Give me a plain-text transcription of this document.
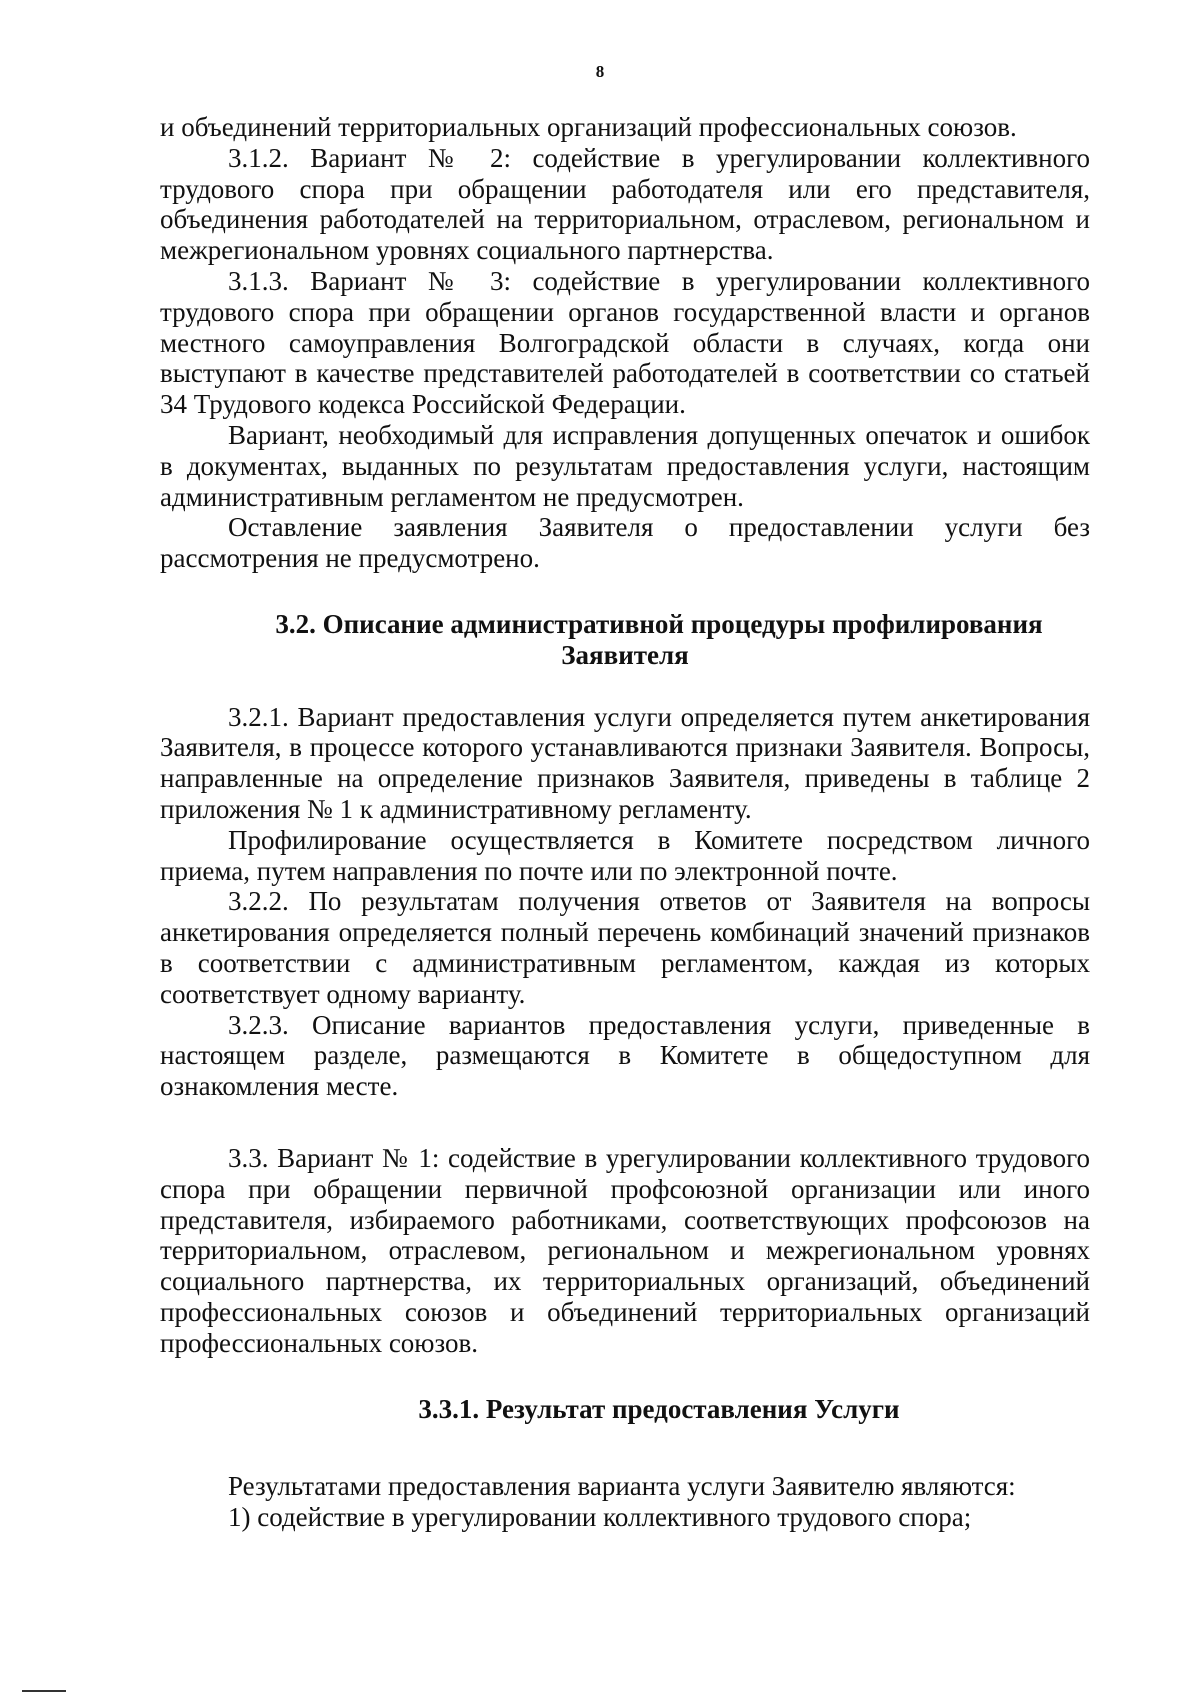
8

и объединений территориальных организаций профессиональных союзов.

3.1.2. Вариант № 2: содействие в урегулировании коллективного трудового спора при обращении работодателя или его представителя, объединения работодателей на территориальном, отраслевом, региональном и межрегиональном уровнях социального партнерства.

3.1.3. Вариант № 3: содействие в урегулировании коллективного трудового спора при обращении органов государственной власти и органов местного самоуправления Волгоградской области в случаях, когда они выступают в качестве представителей работодателей в соответствии со статьей 34 Трудового кодекса Российской Федерации.

Вариант, необходимый для исправления допущенных опечаток и ошибок в документах, выданных по результатам предоставления услуги, настоящим административным регламентом не предусмотрен.

Оставление заявления Заявителя о предоставлении услуги без рассмотрения не предусмотрено.

3.2. Описание административной процедуры профилирования Заявителя

3.2.1. Вариант предоставления услуги определяется путем анкетирования Заявителя, в процессе которого устанавливаются признаки Заявителя. Вопросы, направленные на определение признаков Заявителя, приведены в таблице 2 приложения № 1 к административному регламенту.

Профилирование осуществляется в Комитете посредством личного приема, путем направления по почте или по электронной почте.

3.2.2. По результатам получения ответов от Заявителя на вопросы анкетирования определяется полный перечень комбинаций значений признаков в соответствии с административным регламентом, каждая из которых соответствует одному варианту.

3.2.3. Описание вариантов предоставления услуги, приведенные в настоящем разделе, размещаются в Комитете в общедоступном для ознакомления месте.

3.3. Вариант № 1: содействие в урегулировании коллективного трудового спора при обращении первичной профсоюзной организации или иного представителя, избираемого работниками, соответствующих профсоюзов на территориальном, отраслевом, региональном и межрегиональном уровнях социального партнерства, их территориальных организаций, объединений профессиональных союзов и объединений территориальных организаций профессиональных союзов.

3.3.1. Результат предоставления Услуги

Результатами предоставления варианта услуги Заявителю являются:

1) содействие в урегулировании коллективного трудового спора;
